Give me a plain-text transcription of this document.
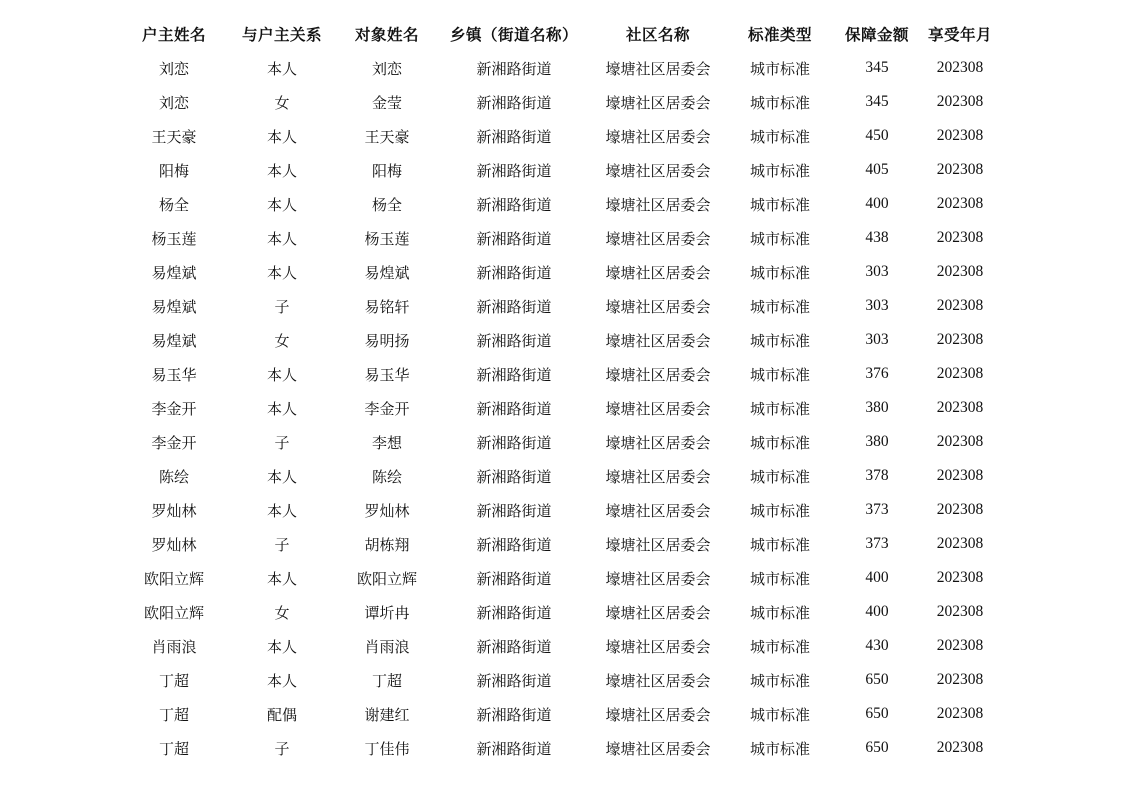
户主姓名	与户主关系	对象姓名	乡镇（街道名称）	社区名称	标准类型	保障金额	享受年月
刘恋	本人	刘恋	新湘路街道	壕塘社区居委会	城市标准	345	202308
刘恋	女	金莹	新湘路街道	壕塘社区居委会	城市标准	345	202308
王天豪	本人	王天豪	新湘路街道	壕塘社区居委会	城市标准	450	202308
阳梅	本人	阳梅	新湘路街道	壕塘社区居委会	城市标准	405	202308
杨全	本人	杨全	新湘路街道	壕塘社区居委会	城市标准	400	202308
杨玉莲	本人	杨玉莲	新湘路街道	壕塘社区居委会	城市标准	438	202308
易煌斌	本人	易煌斌	新湘路街道	壕塘社区居委会	城市标准	303	202308
易煌斌	子	易铭轩	新湘路街道	壕塘社区居委会	城市标准	303	202308
易煌斌	女	易明扬	新湘路街道	壕塘社区居委会	城市标准	303	202308
易玉华	本人	易玉华	新湘路街道	壕塘社区居委会	城市标准	376	202308
李金开	本人	李金开	新湘路街道	壕塘社区居委会	城市标准	380	202308
李金开	子	李想	新湘路街道	壕塘社区居委会	城市标准	380	202308
陈绘	本人	陈绘	新湘路街道	壕塘社区居委会	城市标准	378	202308
罗灿林	本人	罗灿林	新湘路街道	壕塘社区居委会	城市标准	373	202308
罗灿林	子	胡栋翔	新湘路街道	壕塘社区居委会	城市标准	373	202308
欧阳立辉	本人	欧阳立辉	新湘路街道	壕塘社区居委会	城市标准	400	202308
欧阳立辉	女	谭圻冉	新湘路街道	壕塘社区居委会	城市标准	400	202308
肖雨浪	本人	肖雨浪	新湘路街道	壕塘社区居委会	城市标准	430	202308
丁超	本人	丁超	新湘路街道	壕塘社区居委会	城市标准	650	202308
丁超	配偶	谢建红	新湘路街道	壕塘社区居委会	城市标准	650	202308
丁超	子	丁佳伟	新湘路街道	壕塘社区居委会	城市标准	650	202308
